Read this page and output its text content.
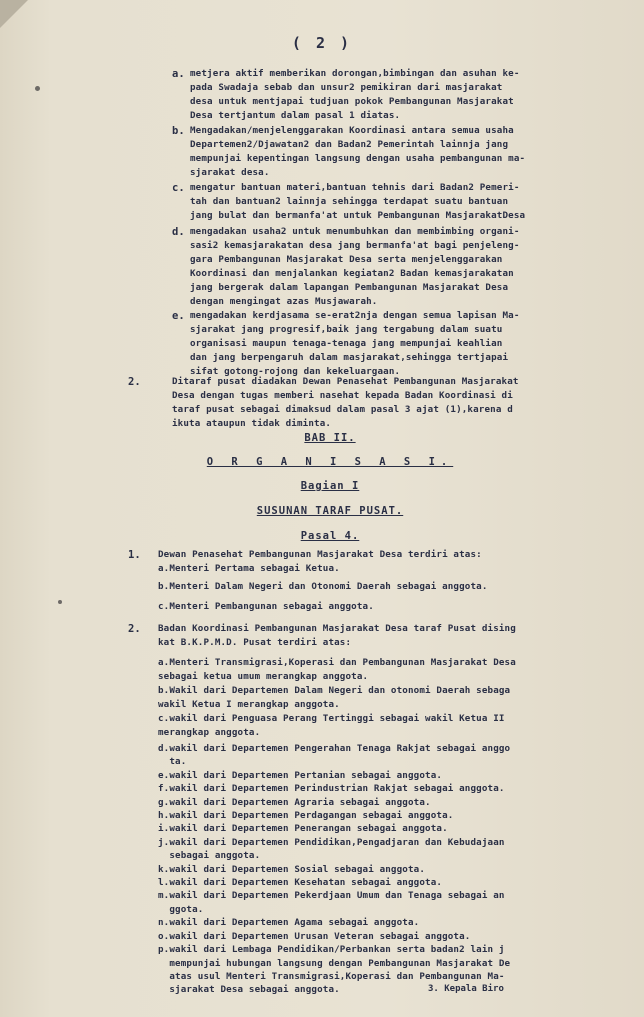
( 2 )
a. metjera aktif memberikan dorongan,bimbingan dan asuhan ke-
pada Swadaja sebab dan unsur2 pemikiran dari masjarakat
desa untuk mentjapai tudjuan pokok Pembangunan Masjarakat
Desa tertjantum dalam pasal 1 diatas.
b. Mengadakan/menjelenggarakan Koordinasi antara semua usaha
Departemen2/Djawatan2 dan Badan2 Pemerintah lainnja jang
mempunjai kepentingan langsung dengan usaha pembangunan ma-
sjarakat desa.
c. mengatur bantuan materi,bantuan tehnis dari Badan2 Pemeri-
tah dan bantuan2 lainnja sehingga terdapat suatu bantuan
jang bulat dan bermanfa'at untuk Pembangunan MasjarakatDesa
d. mengadakan usaha2 untuk menumbuhkan dan membimbing organi-
sasi2 kemasjarakatan desa jang bermanfa'at bagi penjeleng-
gara Pembangunan Masjarakat Desa serta menjelenggarakan
Koordinasi dan menjalankan kegiatan2 Badan kemasjarakatan
jang bergerak dalam lapangan Pembangunan Masjarakat Desa
dengan mengingat azas Musjawarah.
e. mengadakan kerdjasama se-erat2nja dengan semua lapisan Ma-
sjarakat jang progresif,baik jang tergabung dalam suatu
organisasi maupun tenaga-tenaga jang mempunjai keahlian
dan jang berpengaruh dalam masjarakat,sehingga tertjapai
sifat gotong-rojong dan kekeluargaan.
2.	Ditaraf pusat diadakan Dewan Penasehat Pembangunan Masjarakat
Desa dengan tugas memberi nasehat kepada Badan Koordinasi di
taraf pusat sebagai dimaksud dalam pasal 3 ajat (1),karena d
ikuta ataupun tidak diminta.
BAB II.
O R G A N I S A S I.
Bagian I
SUSUNAN TARAF PUSAT.
Pasal 4.
1. Dewan Penasehat Pembangunan Masjarakat Desa terdiri atas:
a.Menteri Pertama sebagai Ketua.
b.Menteri Dalam Negeri dan Otonomi Daerah sebagai anggota.
c.Menteri Pembangunan sebagai anggota.
2. Badan Koordinasi Pembangunan Masjarakat Desa taraf Pusat dising
kat B.K.P.M.D. Pusat terdiri atas:
a.Menteri Transmigrasi,Koperasi dan Pembangunan Masjarakat Desa
sebagai ketua umum merangkap anggota.
b.Wakil dari Departemen Dalam Negeri dan otonomi Daerah sebaga
wakil Ketua I merangkap anggota.
c.wakil dari Penguasa Perang Tertinggi sebagai wakil Ketua II
merangkap anggota.
d.wakil dari Departemen Pengerahan Tenaga Rakjat sebagai anggo
ta.
e.wakil dari Departemen Pertanian sebagai anggota.
f.wakil dari Departemen Perindustrian Rakjat sebagai anggota.
g.wakil dari Departemen Agraria sebagai anggota.
h.wakil dari Departemen Perdagangan sebagai anggota.
i.wakil dari Departemen Penerangan sebagai anggota.
j.wakil dari Departemen Pendidikan,Pengadjaran dan Kebudajaan
sebagai anggota.
k.wakil dari Departemen Sosial sebagai anggota.
l.wakil dari Departemen Kesehatan sebagai anggota.
m.wakil dari Departemen Pekerdjaan Umum dan Tenaga sebagai an
ggota.
n.wakil dari Departemen Agama sebagai anggota.
o.wakil dari Departemen Urusan Veteran sebagai anggota.
p.wakil dari Lembaga Pendidikan/Perbankan serta badan2 lain j
mempunjai hubungan langsung dengan Pembangunan Masjarakat De
atas usul Menteri Transmigrasi,Koperasi dan Pembangunan Ma-
sjarakat Desa sebagai anggota.	3. Kepala Biro
